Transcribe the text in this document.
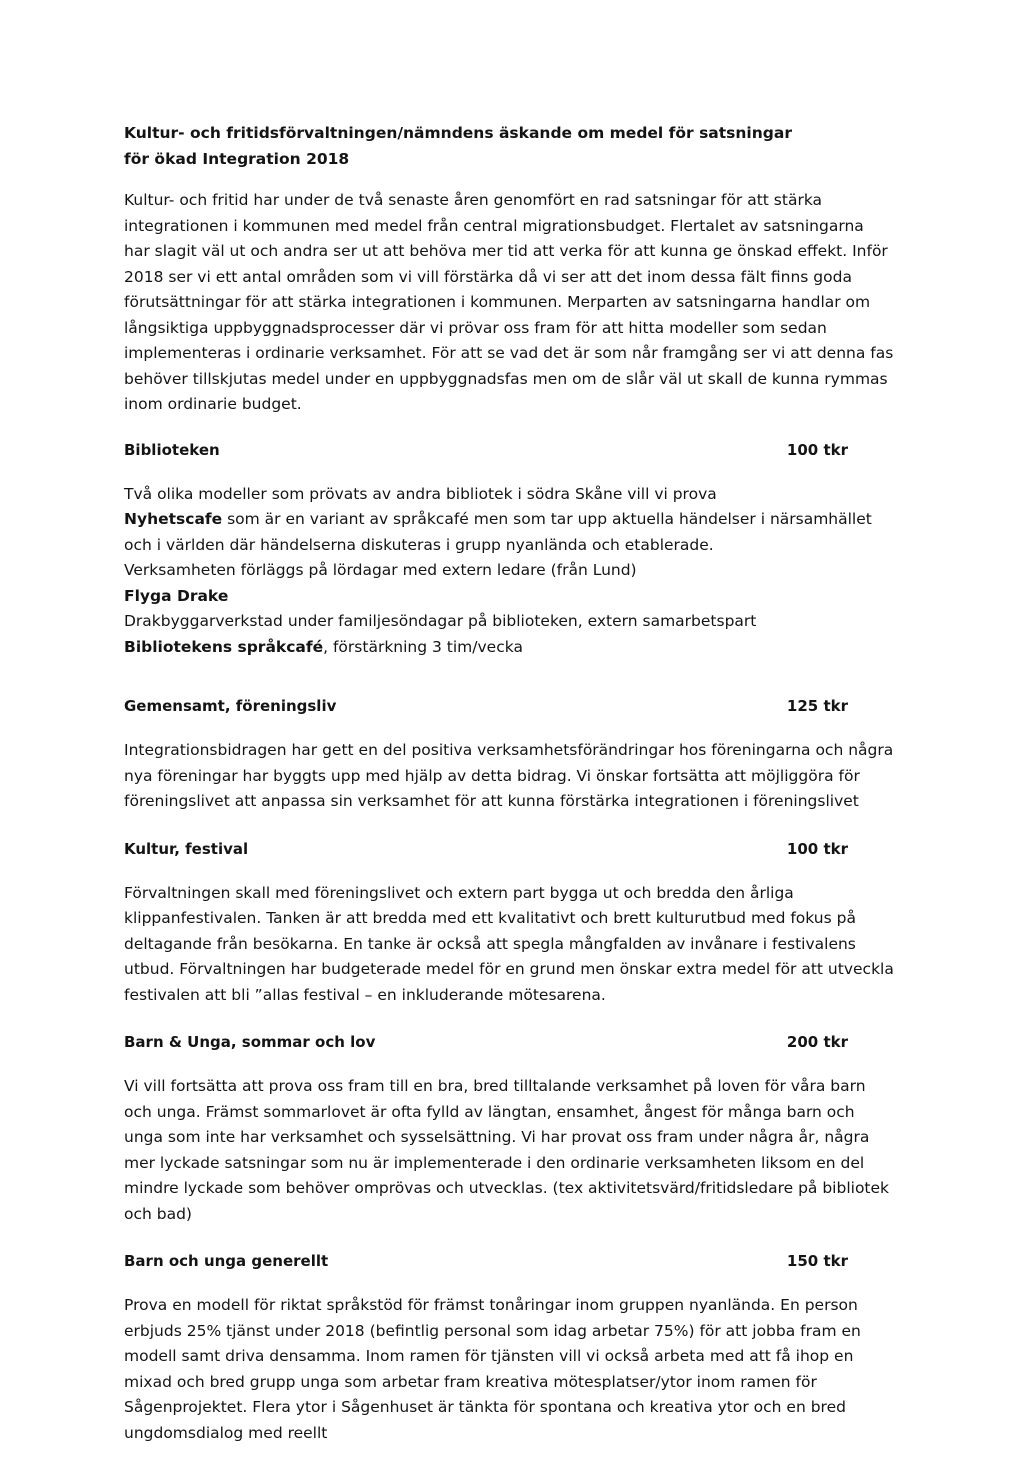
Kultur- och fritidsförvaltningen/nämndens äskande om medel för satsningar
för ökad Integration 2018

Kultur- och fritid har under de två senaste åren genomfört en rad satsningar för att stärka integrationen i kommunen med medel från central migrationsbudget. Flertalet av satsningarna har slagit väl ut och andra ser ut att behöva mer tid att verka för att kunna ge önskad effekt. Inför 2018 ser vi ett antal områden som vi vill förstärka då vi ser att det inom dessa fält finns goda förutsättningar för att stärka integrationen i kommunen. Merparten av satsningarna handlar om långsiktiga uppbyggnadsprocesser där vi prövar oss fram för att hitta modeller som sedan implementeras i ordinarie verksamhet. För att se vad det är som når framgång ser vi att denna fas behöver tillskjutas medel under en uppbyggnadsfas men om de slår väl ut skall de kunna rymmas inom ordinarie budget.

Biblioteken	100 tkr

Två olika modeller som prövats av andra bibliotek i södra Skåne vill vi prova

Nyhetscafe som är en variant av språkcafé men som tar upp aktuella händelser i närsamhället och i världen där händelserna diskuteras i grupp nyanlända och etablerade.

Verksamheten förläggs på lördagar med extern ledare (från Lund)

Flyga Drake

Drakbyggarverkstad under familjesöndagar på biblioteken, extern samarbetspart

Bibliotekens språkcafé, förstärkning 3 tim/vecka

Gemensamt, föreningsliv	125 tkr

Integrationsbidragen har gett en del positiva verksamhetsförändringar hos föreningarna och några nya föreningar har byggts upp med hjälp av detta bidrag. Vi önskar fortsätta att möjliggöra för föreningslivet att anpassa sin verksamhet för att kunna förstärka integrationen i föreningslivet

Kultur, festival	100 tkr

Förvaltningen skall med föreningslivet och extern part bygga ut och bredda den årliga klippanfestivalen. Tanken är att bredda med ett kvalitativt och brett kulturutbud med fokus på deltagande från besökarna. En tanke är också att spegla mångfalden av invånare i festivalens utbud. Förvaltningen har budgeterade medel för en grund men önskar extra medel för att utveckla festivalen att bli ”allas festival – en inkluderande mötesarena.

Barn & Unga, sommar och lov	200 tkr

Vi vill fortsätta att prova oss fram till en bra, bred tilltalande verksamhet på loven för våra barn och unga. Främst sommarlovet är ofta fylld av längtan, ensamhet, ångest för många barn och unga som inte har verksamhet och sysselsättning. Vi har provat oss fram under några år, några mer lyckade satsningar som nu är implementerade i den ordinarie verksamheten liksom en del mindre lyckade som behöver omprövas och utvecklas. (tex aktivitetsvärd/fritidsledare på bibliotek och bad)

Barn och unga generellt	150 tkr

Prova en modell för riktat språkstöd för främst tonåringar inom gruppen nyanlända. En person erbjuds 25% tjänst under 2018 (befintlig personal som idag arbetar 75%) för att jobba fram en modell samt driva densamma. Inom ramen för tjänsten vill vi också arbeta med att få ihop en mixad och bred grupp unga som arbetar fram kreativa mötesplatser/ytor inom ramen för Sågenprojektet. Flera ytor i Sågenhuset är tänkta för spontana och kreativa ytor och en bred ungdomsdialog med reellt
